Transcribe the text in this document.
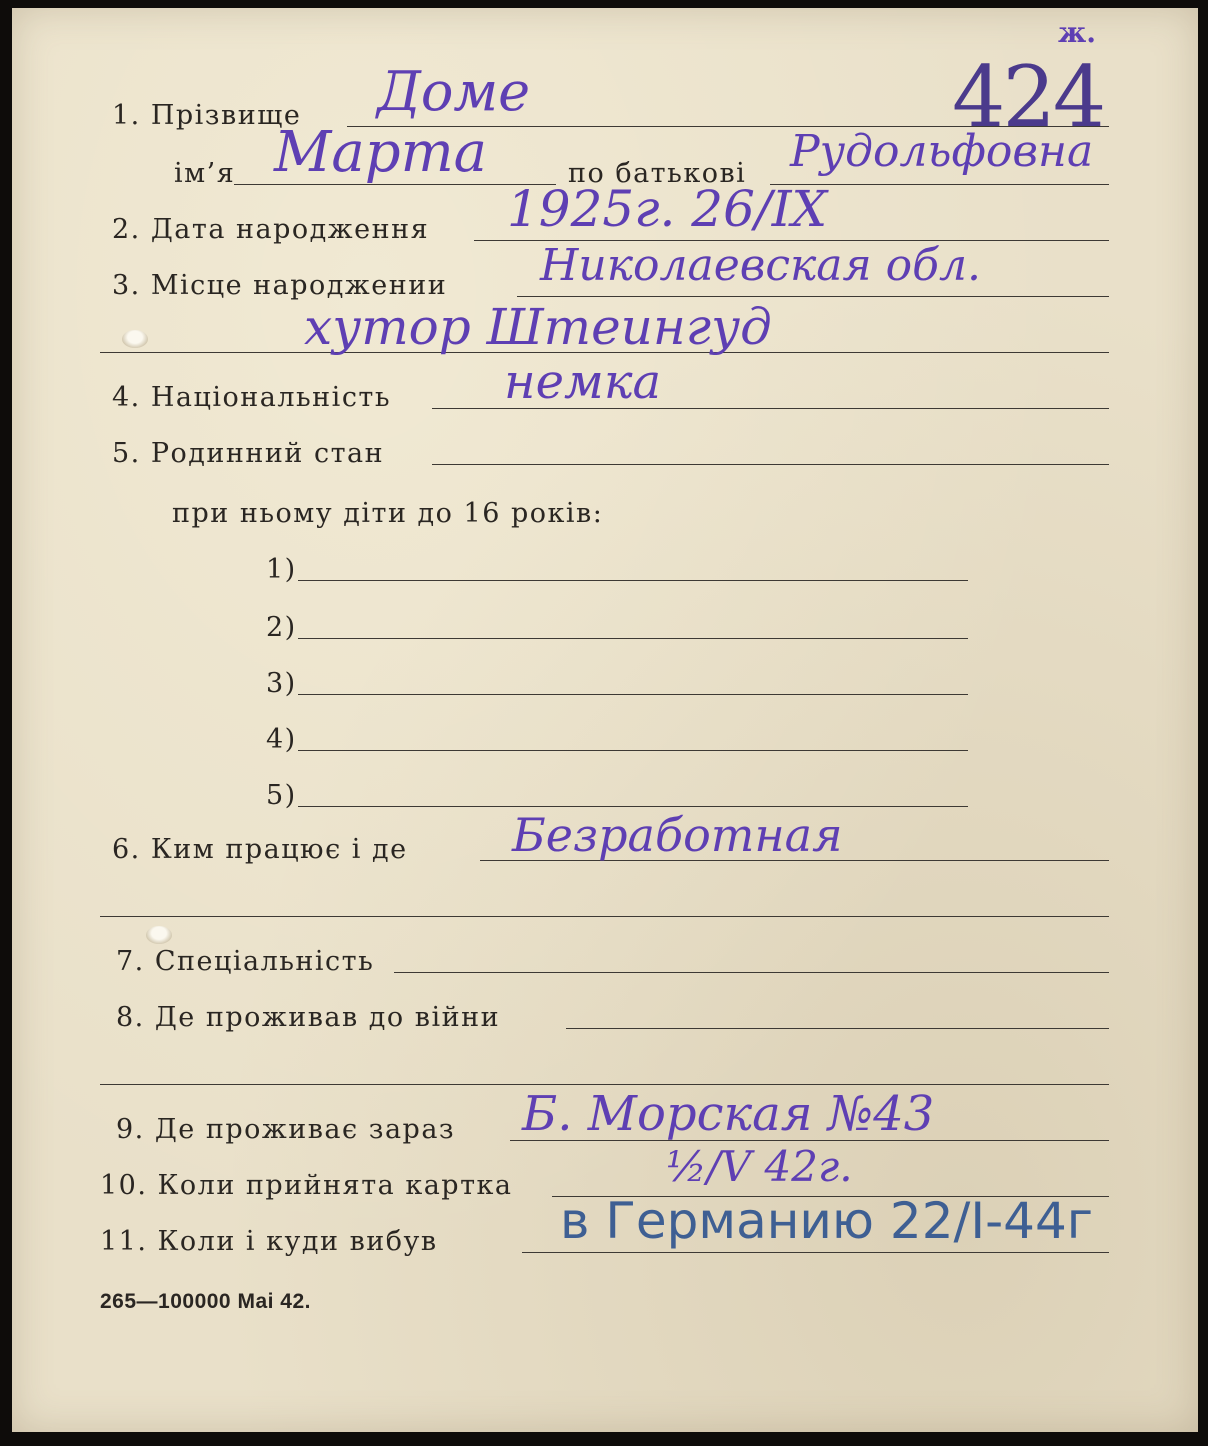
1. Прізвище Доме
ж.
424
ім’я Марта	по батькові Рудольфовна
2. Дата народження 1925г. 26/IX
3. Місце народжении Николаевская обл.
хутор Штеингуд
4. Національність немка
5. Родинний стан
при ньому діти до 16 років:
1)
2)
3)
4)
5)
6. Ким працює і де Безработная
7. Спеціальність
8. Де проживав до війни
9. Де проживає зараз Б. Морская №43
10. Коли прийнята картка	½/V 42г.
11. Коли і куди вибув в Германию 22/I-44г
265—100000 Mai 42.
